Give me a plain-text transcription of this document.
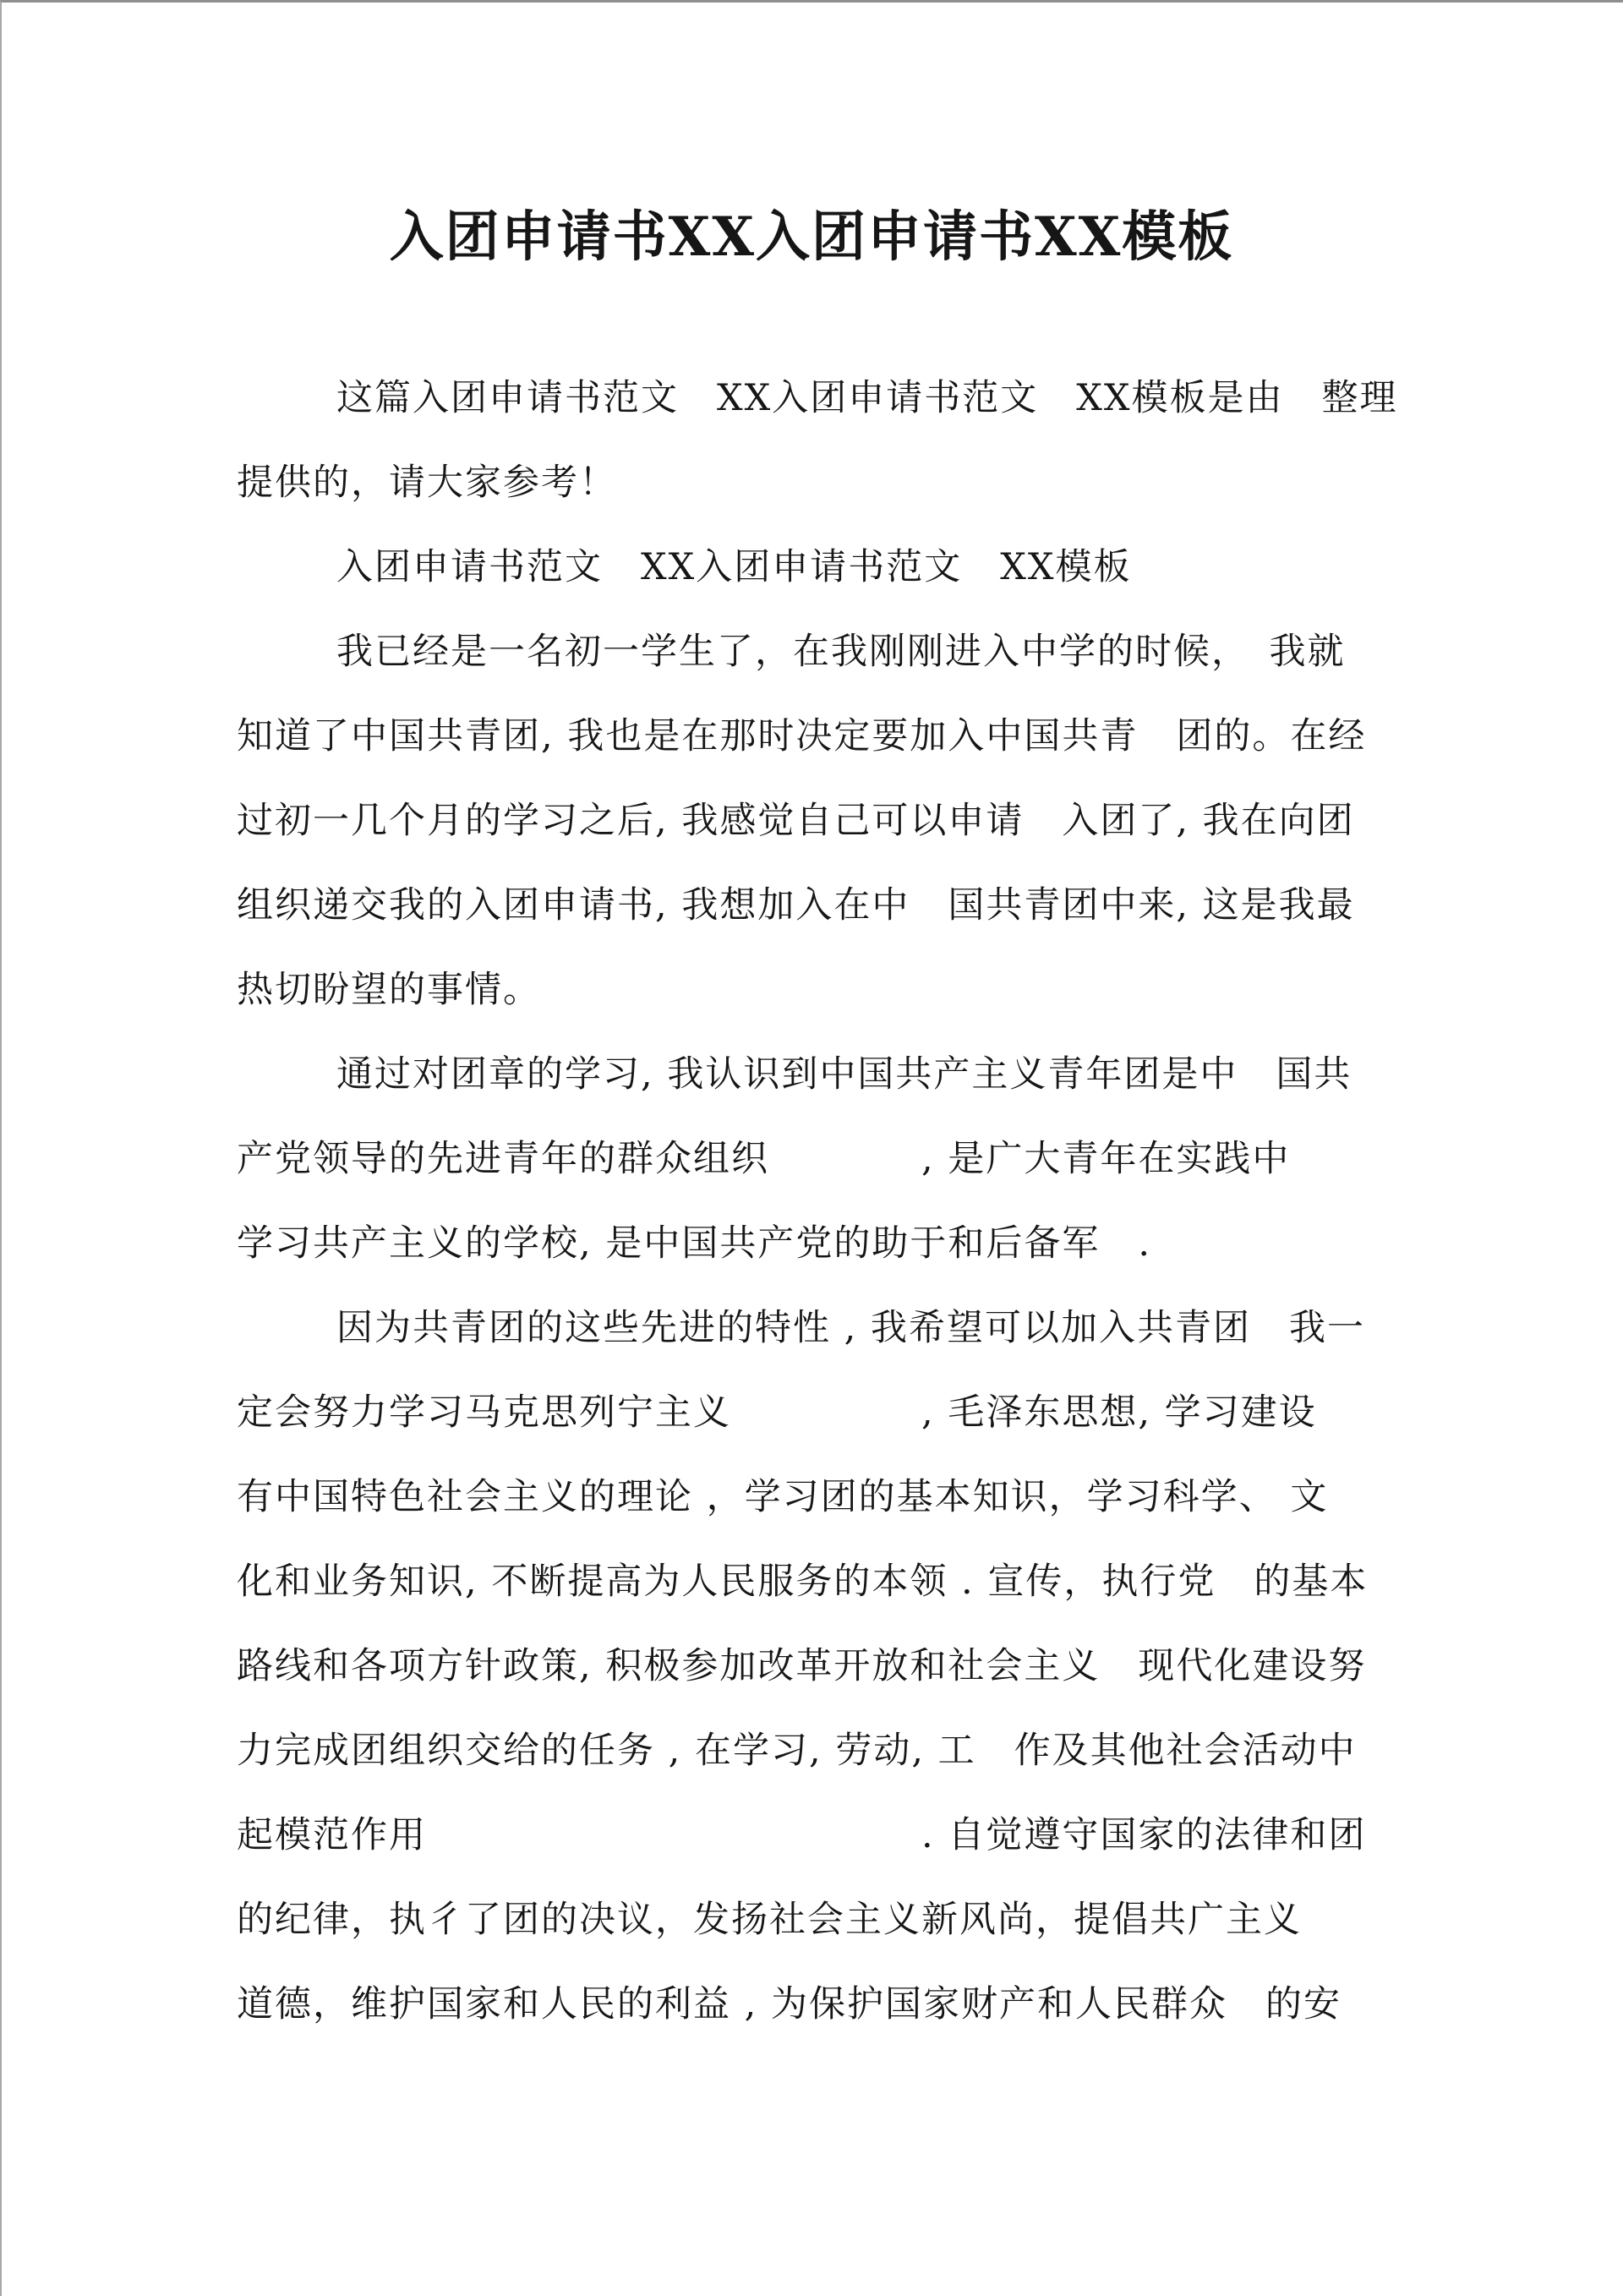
入团申请书XX入团申请书XX模板
这篇入团申请书范文　XX入团申请书范文　XX模板是由　整理
提供的，请大家参考！
入团申请书范文　XX入团申请书范文　XX模板
我已经是一名初一学生了，在我刚刚进入中学的时候，　我就
知道了中国共青团, 我也是在那时决定要加入中国共青　团的。在经
过初一几个月的学习之后, 我感觉自己可以申请　入团了, 我在向团
组织递交我的入团申请书, 我想加入在中　国共青团中来, 这是我最
热切盼望的事情。
通过对团章的学习, 我认识到中国共产主义青年团是中　国共
产党领导的先进青年的群众组织　　　　, 是广大青年在实践中
学习共产主义的学校, 是中国共产党的助于和后备军　.
因为共青团的这些先进的特性 , 我希望可以加入共青团　我一
定会努力学习马克思列宁主义　　　　　, 毛泽东思想, 学习建设
有中国特色社会主义的理论 ，学习团的基本知识，学习科学、 文
化和业务知识, 不断提高为人民服务的本领 . 宣传，执行党　的基本
路线和各项方针政策, 积极参加改革开放和社会主义　现代化建设努
力完成团组织交给的任务 , 在学习, 劳动, 工　作及其他社会活动中
起模范作用　　　　　　　　　　　　　. 自觉遵守国家的法律和团
的纪律，执彳了团的决议，发扬社会主义新风尚，提倡共广主义
道德，维护国家和人民的利益 , 为保护国家财产和人民群众　的安
